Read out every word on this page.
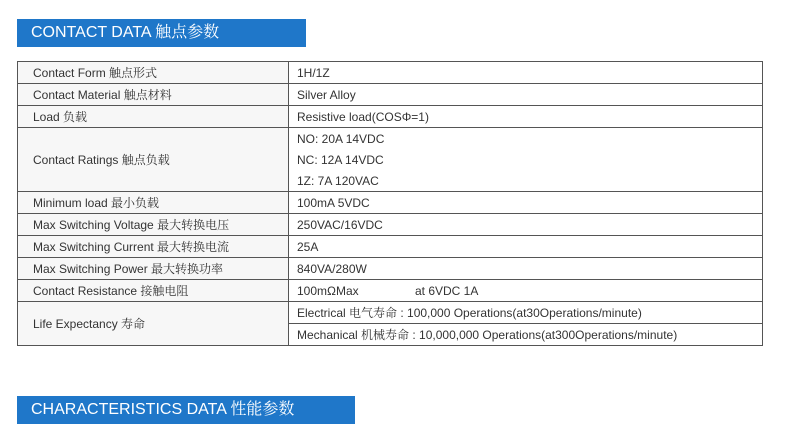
CONTACT DATA 触点参数
Contact Form 触点形式	1H/1Z
Contact Material 触点材料	Silver Alloy
Load 负载	Resistive load(COSΦ=1)
Contact Ratings 触点负载	NO: 20A 14VDC
	NC: 12A 14VDC
	1Z: 7A 120VAC
Minimum load 最小负载	100mA 5VDC
Max Switching Voltage 最大转换电压	250VAC/16VDC
Max Switching Current 最大转换电流	25A
Max Switching Power 最大转换功率	840VA/280W
Contact Resistance 接触电阻	100mΩMax at 6VDC 1A
Life Expectancy 寿命	Electrical 电气寿命 : 100,000 Operations(at30Operations/minute)
	Mechanical 机械寿命 : 10,000,000 Operations(at300Operations/minute)
CHARACTERISTICS DATA 性能参数
